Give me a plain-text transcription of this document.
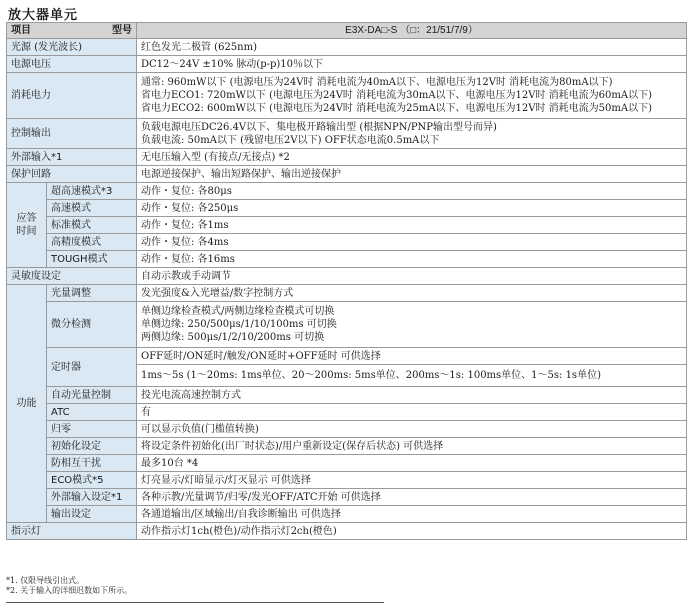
放大器单元
项目 型号		E3X-DA□-S （□：21/51/7/9）
光源 (发光波长)		红色发光二极管 (625nm)
电源电压		DC12～24V ±10% 脉动(p-p)10％以下
消耗电力		通常: 960mW以下 (电源电压为24V时 消耗电流为40mA以下、电源电压为12V时 消耗电流为80mA以下)
省电力ECO1: 720mW以下 (电源电压为24V时 消耗电流为30mA以下、电源电压为12V时 消耗电流为60mA以下)
省电力ECO2: 600mW以下 (电源电压为24V时 消耗电流为25mA以下、电源电压为12V时 消耗电流为50mA以下)

控制输出		负载电源电压DC26.4V以下、集电极开路输出型 (根据NPN/PNP输出型号而异)
负载电流: 50mA以下 (残留电压2V以下) OFF状态电流0.5mA以下

外部输入*1		无电压输入型 (有接点/无接点) *2
保护回路		电源逆接保护、输出短路保护、输出逆接保护

应答
时间	超高速模式*3	动作・复位: 各80μs
	高速模式	动作・复位: 各250μs
	标准模式	动作・复位: 各1ms
	高精度模式	动作・复位: 各4ms
	TOUGH模式	动作・复位: 各16ms
灵敏度设定		自动示教或手动调节
功能	光量调整	发光强度&入光增益/数字控制方式
	微分检测	单侧边缘检查模式/两侧边缘检查模式可切换
单侧边缘: 250/500μs/1/10/100ms 可切换
两侧边缘: 500μs/1/2/10/200ms 可切换

	定时器	OFF延时/ON延时/触发/ON延时+OFF延时 可供选择
		1ms～5s (1～20ms: 1ms单位、20～200ms: 5ms单位、200ms～1s: 100ms单位、1～5s: 1s单位)
	自动光量控制	投光电流高速控制方式
	ATC	有
	归零	可以显示负值(门槛值转换)
	初始化设定	将设定条件初始化(出厂时状态)/用户重新设定(保存后状态) 可供选择
	防相互干扰	最多10台 *4
	ECO模式*5	灯亮显示/灯暗显示/灯灭显示 可供选择
	外部输入设定*1	各种示教/光量调节/归零/发光OFF/ATC开始 可供选择
	输出设定	各通道输出/区域输出/自我诊断输出 可供选择
指示灯		动作指示灯1ch(橙色)/动作指示灯2ch(橙色)
*1. 仅限导线引出式。
*2. 关于输入的详细迟数如下所示。
